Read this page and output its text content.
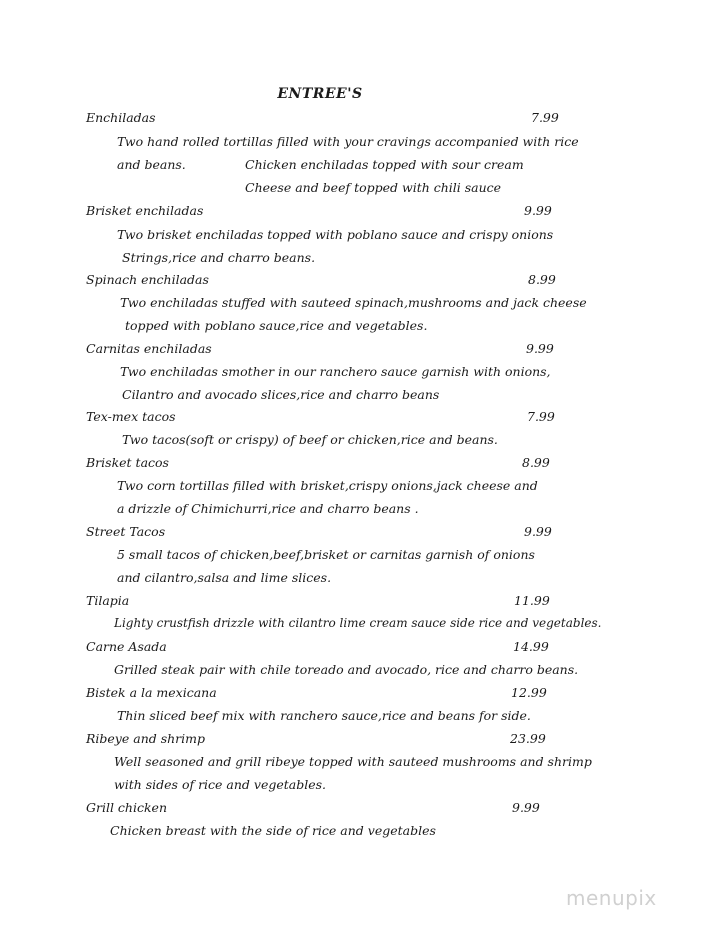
ENTREE'S
Enchiladas	7.99
Two hand rolled tortillas filled with your cravings accompanied with rice
and beans.	Chicken enchiladas topped with sour cream
Cheese and beef topped with chili sauce
Brisket enchiladas	9.99
Two brisket enchiladas topped with poblano sauce and crispy onions
Strings,rice and charro beans.
Spinach enchiladas	8.99
Two enchiladas stuffed with sauteed spinach,mushrooms and jack cheese
topped with poblano sauce,rice and vegetables.
Carnitas enchiladas	9.99
Two enchiladas smother in our ranchero sauce garnish with onions,
Cilantro and avocado slices,rice and charro beans
Tex-mex tacos	7.99
Two tacos(soft or crispy) of beef or chicken,rice and beans.
Brisket tacos	8.99
Two corn tortillas filled with brisket,crispy onions,jack cheese and
a drizzle of Chimichurri,rice and charro beans .
Street Tacos	9.99
5 small tacos of chicken,beef,brisket or carnitas garnish of onions
and cilantro,salsa and lime slices.
Tilapia	11.99
Lighty crustfish drizzle with cilantro lime cream sauce side rice and vegetables.
Carne Asada	14.99
Grilled steak pair with chile toreado and avocado, rice and charro beans.
Bistek a la mexicana	12.99
Thin sliced beef mix with ranchero sauce,rice and beans for side.
Ribeye and shrimp	23.99
Well seasoned and grill ribeye topped with sauteed mushrooms and shrimp
with sides of rice and vegetables.
Grill chicken	9.99
Chicken breast with the side of rice and vegetables
menupix
